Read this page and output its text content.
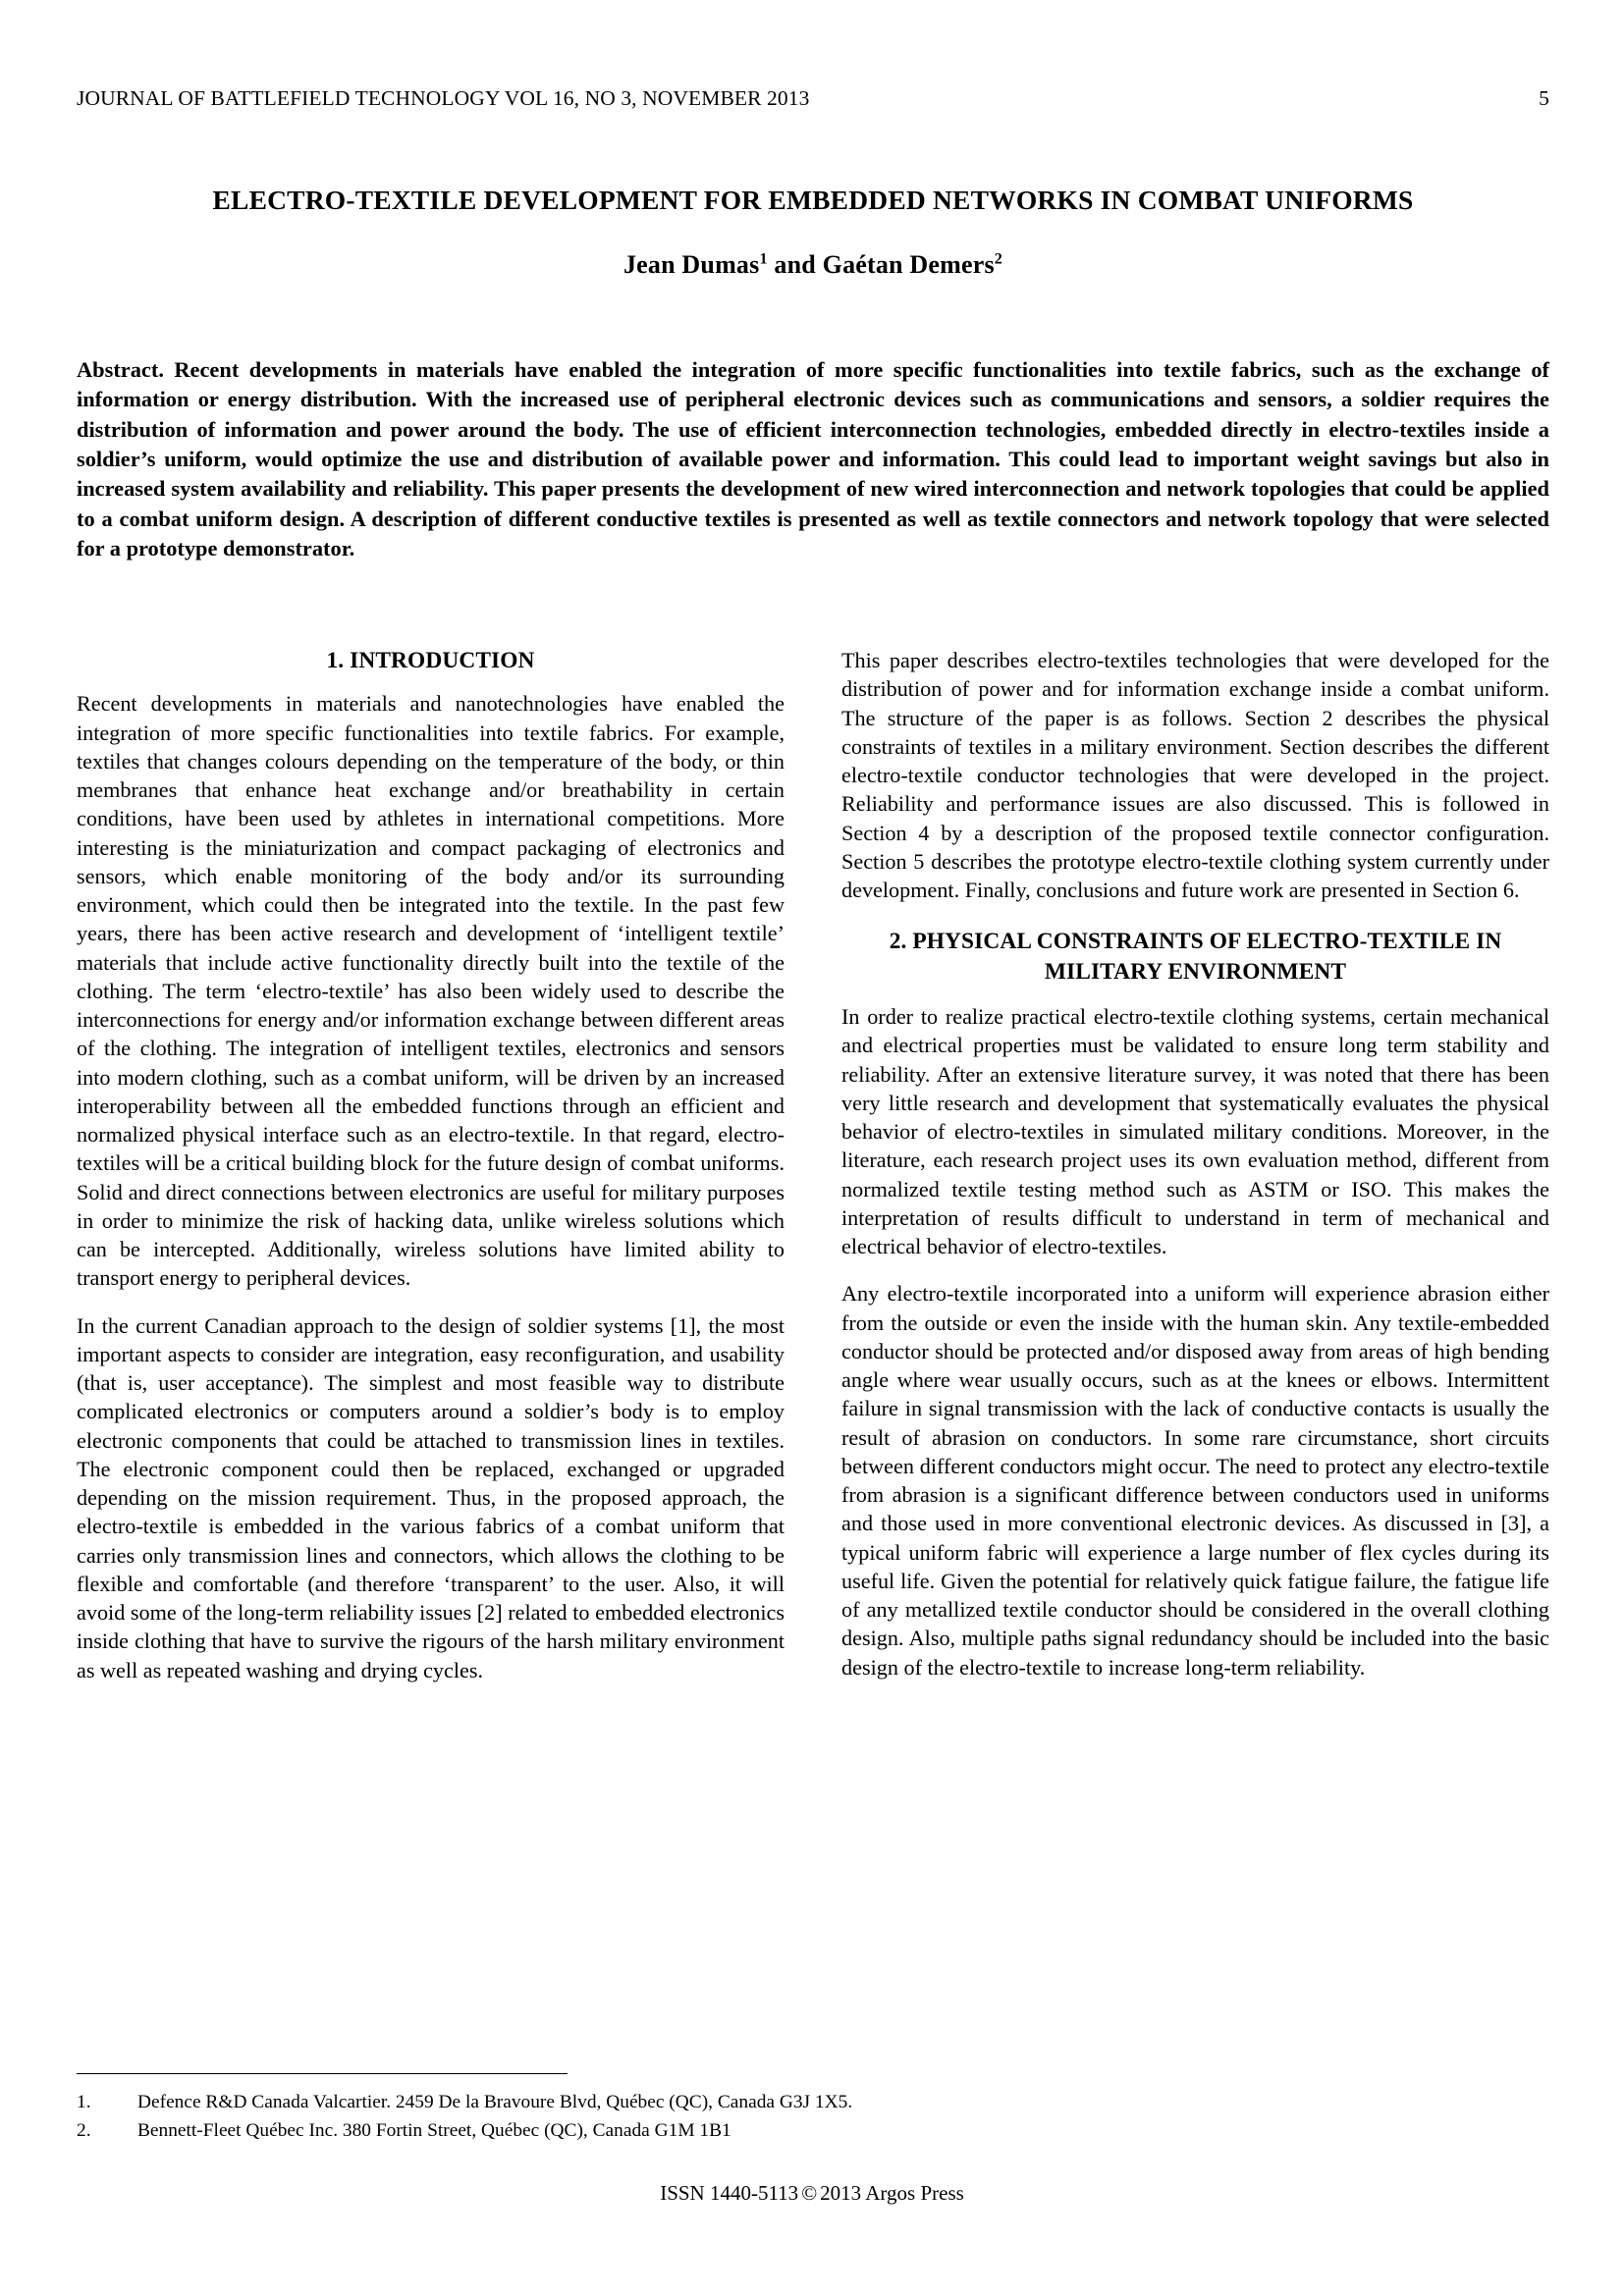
JOURNAL OF BATTLEFIELD TECHNOLOGY VOL 16, NO 3, NOVEMBER 2013	5
ELECTRO-TEXTILE DEVELOPMENT FOR EMBEDDED NETWORKS IN COMBAT UNIFORMS
Jean Dumas$^1$ and Gaétan Demers$^2$
Abstract. Recent developments in materials have enabled the integration of more specific functionalities into textile fabrics, such as the exchange of information or energy distribution. With the increased use of peripheral electronic devices such as communications and sensors, a soldier requires the distribution of information and power around the body. The use of efficient interconnection technologies, embedded directly in electro-textiles inside a soldier’s uniform, would optimize the use and distribution of available power and information. This could lead to important weight savings but also in increased system availability and reliability. This paper presents the development of new wired interconnection and network topologies that could be applied to a combat uniform design. A description of different conductive textiles is presented as well as textile connectors and network topology that were selected for a prototype demonstrator.
1. INTRODUCTION

Recent developments in materials and nanotechnologies have enabled the integration of more specific functionalities into textile fabrics. For example, textiles that changes colours depending on the temperature of the body, or thin membranes that enhance heat exchange and/or breathability in certain conditions, have been used by athletes in international competitions. More interesting is the miniaturization and compact packaging of electronics and sensors, which enable monitoring of the body and/or its surrounding environment, which could then be integrated into the textile. In the past few years, there has been active research and development of ‘intelligent textile’ materials that include active functionality directly built into the textile of the clothing. The term ‘electro-textile’ has also been widely used to describe the interconnections for energy and/or information exchange between different areas of the clothing. The integration of intelligent textiles, electronics and sensors into modern clothing, such as a combat uniform, will be driven by an increased interoperability between all the embedded functions through an efficient and normalized physical interface such as an electro-textile. In that regard, electro-textiles will be a critical building block for the future design of combat uniforms. Solid and direct connections between electronics are useful for military purposes in order to minimize the risk of hacking data, unlike wireless solutions which can be intercepted. Additionally, wireless solutions have limited ability to transport energy to peripheral devices.

In the current Canadian approach to the design of soldier systems [1], the most important aspects to consider are integration, easy reconfiguration, and usability (that is, user acceptance). The simplest and most feasible way to distribute complicated electronics or computers around a soldier’s body is to employ electronic components that could be attached to transmission lines in textiles. The electronic component could then be replaced, exchanged or upgraded depending on the mission requirement. Thus, in the proposed approach, the electro-textile is embedded in the various fabrics of a combat uniform that carries only transmission lines and connectors, which allows the clothing to be flexible and comfortable (and therefore ‘transparent’ to the user. Also, it will avoid some of the long-term reliability issues [2] related to embedded electronics inside clothing that have to survive the rigours of the harsh military environment as well as repeated washing and drying cycles.

This paper describes electro-textiles technologies that were developed for the distribution of power and for information exchange inside a combat uniform. The structure of the paper is as follows. Section 2 describes the physical constraints of textiles in a military environment. Section describes the different electro-textile conductor technologies that were developed in the project. Reliability and performance issues are also discussed. This is followed in Section 4 by a description of the proposed textile connector configuration. Section 5 describes the prototype electro-textile clothing system currently under development. Finally, conclusions and future work are presented in Section 6.

2. PHYSICAL CONSTRAINTS OF ELECTRO-TEXTILE IN MILITARY ENVIRONMENT

In order to realize practical electro-textile clothing systems, certain mechanical and electrical properties must be validated to ensure long term stability and reliability. After an extensive literature survey, it was noted that there has been very little research and development that systematically evaluates the physical behavior of electro-textiles in simulated military conditions. Moreover, in the literature, each research project uses its own evaluation method, different from normalized textile testing method such as ASTM or ISO. This makes the interpretation of results difficult to understand in term of mechanical and electrical behavior of electro-textiles.

Any electro-textile incorporated into a uniform will experience abrasion either from the outside or even the inside with the human skin. Any textile-embedded conductor should be protected and/or disposed away from areas of high bending angle where wear usually occurs, such as at the knees or elbows. Intermittent failure in signal transmission with the lack of conductive contacts is usually the result of abrasion on conductors. In some rare circumstance, short circuits between different conductors might occur. The need to protect any electro-textile from abrasion is a significant difference between conductors used in uniforms and those used in more conventional electronic devices. As discussed in [3], a typical uniform fabric will experience a large number of flex cycles during its useful life. Given the potential for relatively quick fatigue failure, the fatigue life of any metallized textile conductor should be considered in the overall clothing design. Also, multiple paths signal redundancy should be included into the basic design of the electro-textile to increase long-term reliability.

1.	Defence R&D Canada Valcartier. 2459 De la Bravoure Blvd, Québec (QC), Canada G3J 1X5.
2.	Bennett-Fleet Québec Inc. 380 Fortin Street, Québec (QC), Canada G1M 1B1
ISSN 1440-5113 © 2013 Argos Press
